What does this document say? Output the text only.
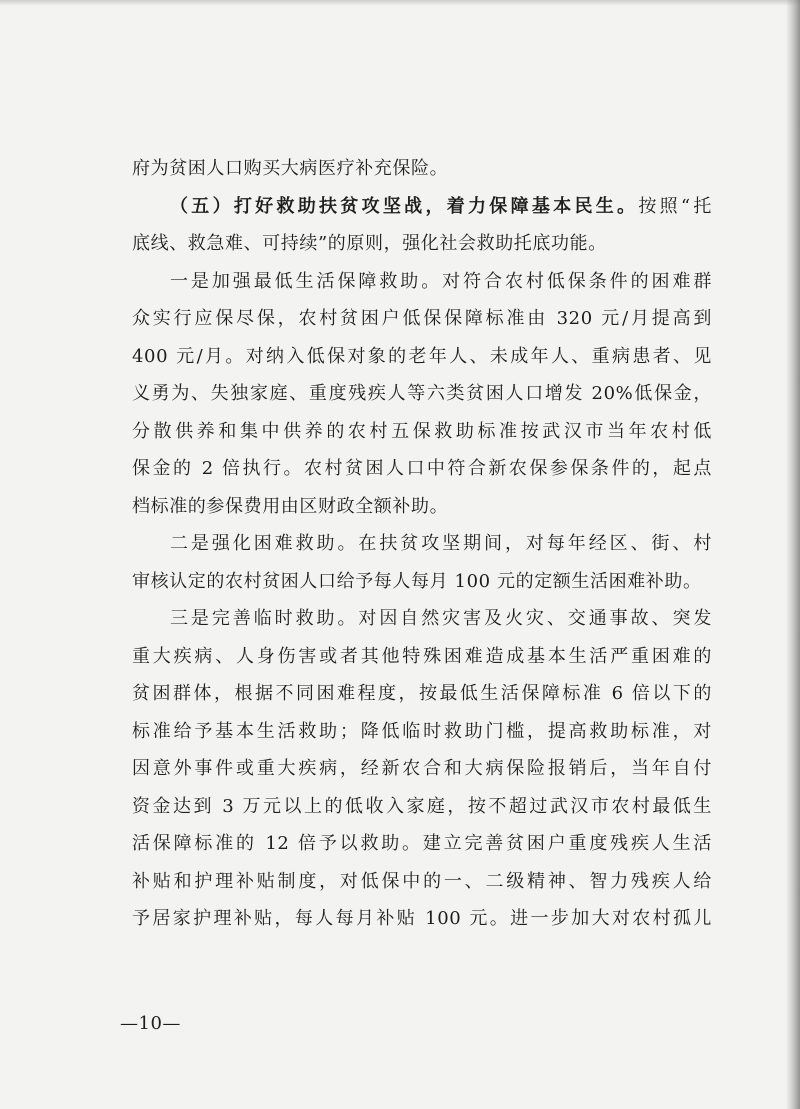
府为贫困人口购买大病医疗补充保险。
（五）打好救助扶贫攻坚战，着力保障基本民生。按照“托
底线、救急难、可持续”的原则，强化社会救助托底功能。
一是加强最低生活保障救助。对符合农村低保条件的困难群
众实行应保尽保，农村贫困户低保保障标准由 320 元/月提高到
400 元/月。对纳入低保对象的老年人、未成年人、重病患者、见
义勇为、失独家庭、重度残疾人等六类贫困人口增发 20%低保金，
分散供养和集中供养的农村五保救助标准按武汉市当年农村低
保金的 2 倍执行。农村贫困人口中符合新农保参保条件的，起点
档标准的参保费用由区财政全额补助。
二是强化困难救助。在扶贫攻坚期间，对每年经区、街、村
审核认定的农村贫困人口给予每人每月 100 元的定额生活困难补助。
三是完善临时救助。对因自然灾害及火灾、交通事故、突发
重大疾病、人身伤害或者其他特殊困难造成基本生活严重困难的
贫困群体，根据不同困难程度，按最低生活保障标准 6 倍以下的
标准给予基本生活救助；降低临时救助门槛，提高救助标准，对
因意外事件或重大疾病，经新农合和大病保险报销后，当年自付
资金达到 3 万元以上的低收入家庭，按不超过武汉市农村最低生
活保障标准的 12 倍予以救助。建立完善贫困户重度残疾人生活
补贴和护理补贴制度，对低保中的一、二级精神、智力残疾人给
予居家护理补贴，每人每月补贴 100 元。进一步加大对农村孤儿
—10—
